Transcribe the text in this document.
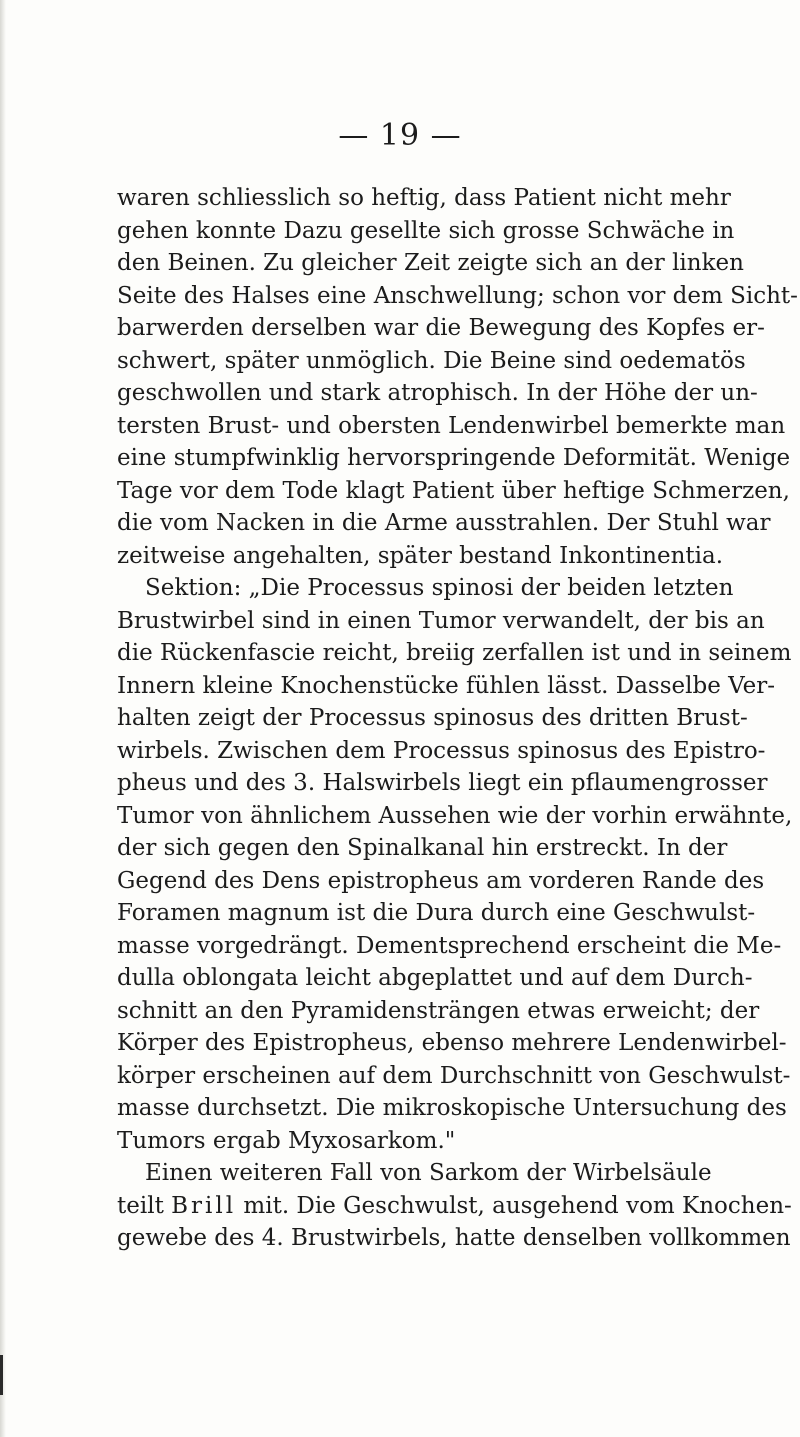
— 19 —
waren schliesslich so heftig, dass Patient nicht mehr
gehen konnte Dazu gesellte sich grosse Schwäche in
den Beinen. Zu gleicher Zeit zeigte sich an der linken
Seite des Halses eine Anschwellung; schon vor dem Sicht-
barwerden derselben war die Bewegung des Kopfes er-
schwert, später unmöglich. Die Beine sind oedematös
geschwollen und stark atrophisch. In der Höhe der un-
tersten Brust- und obersten Lendenwirbel bemerkte man
eine stumpfwinklig hervorspringende Deformität. Wenige
Tage vor dem Tode klagt Patient über heftige Schmerzen,
die vom Nacken in die Arme ausstrahlen. Der Stuhl war
zeitweise angehalten, später bestand Inkontinentia.
Sektion: „Die Processus spinosi der beiden letzten
Brustwirbel sind in einen Tumor verwandelt, der bis an
die Rückenfascie reicht, breiig zerfallen ist und in seinem
Innern kleine Knochenstücke fühlen lässt. Dasselbe Ver-
halten zeigt der Processus spinosus des dritten Brust-
wirbels. Zwischen dem Processus spinosus des Epistro-
pheus und des 3. Halswirbels liegt ein pflaumengrosser
Tumor von ähnlichem Aussehen wie der vorhin erwähnte,
der sich gegen den Spinalkanal hin erstreckt. In der
Gegend des Dens epistropheus am vorderen Rande des
Foramen magnum ist die Dura durch eine Geschwulst-
masse vorgedrängt. Dementsprechend erscheint die Me-
dulla oblongata leicht abgeplattet und auf dem Durch-
schnitt an den Pyramidensträngen etwas erweicht; der
Körper des Epistropheus, ebenso mehrere Lendenwirbel-
körper erscheinen auf dem Durchschnitt von Geschwulst-
masse durchsetzt. Die mikroskopische Untersuchung des
Tumors ergab Myxosarkom."
Einen weiteren Fall von Sarkom der Wirbelsäule
teilt Brill mit. Die Geschwulst, ausgehend vom Knochen-
gewebe des 4. Brustwirbels, hatte denselben vollkommen
